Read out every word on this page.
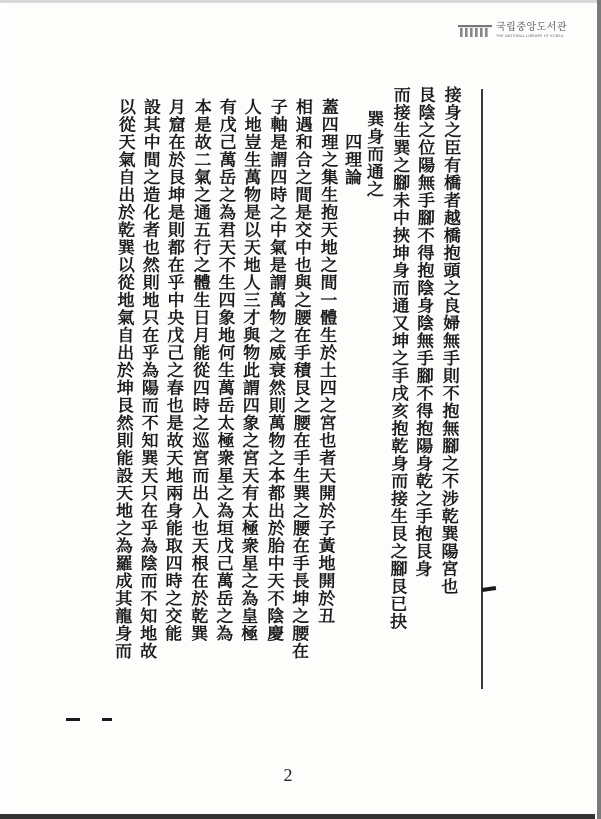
국립중앙도서관
THE NATIONAL LIBRARY OF KOREA
接身之臣有橋者越橋抱頭之良婦無手則不抱無腳之不涉乾巽陽宮也
艮陰之位陽無手腳不得抱陰身陰無手腳不得抱陽身乾之手抱艮身
而接生巽之腳未中挾坤身而通又坤之手戌亥抱乾身而接生艮之腳艮已抉
巽身而通之
四理論
蓋四理之集生抱天地之間一體生於土四之宮也者天開於子黃地開於丑
相遇和合之間是交中也與之腰在手積艮之腰在手生巽之腰在手長坤之腰在
子軸是謂四時之中氣是謂萬物之威衰然則萬物之本都出於胎中天不陰慶
人地豈生萬物是以天地人三才與物此謂四象之宮天有太極衆星之為皇極
有戊己萬岳之為君天不生四象地何生萬岳太極衆星之為垣戊己萬岳之為
本是故二氣之通五行之體生日月能從四時之巡宮而出入也天根在於乾巽
月窟在於艮坤是則都在乎中央戊己之春也是故天地兩身能取四時之交能
設其中間之造化者也然則地只在乎為陽而不知巽天只在乎為陰而不知地故
以從天氣自出於乾巽以從地氣自出於坤艮然則能設天地之為羅成其龍身而
2
